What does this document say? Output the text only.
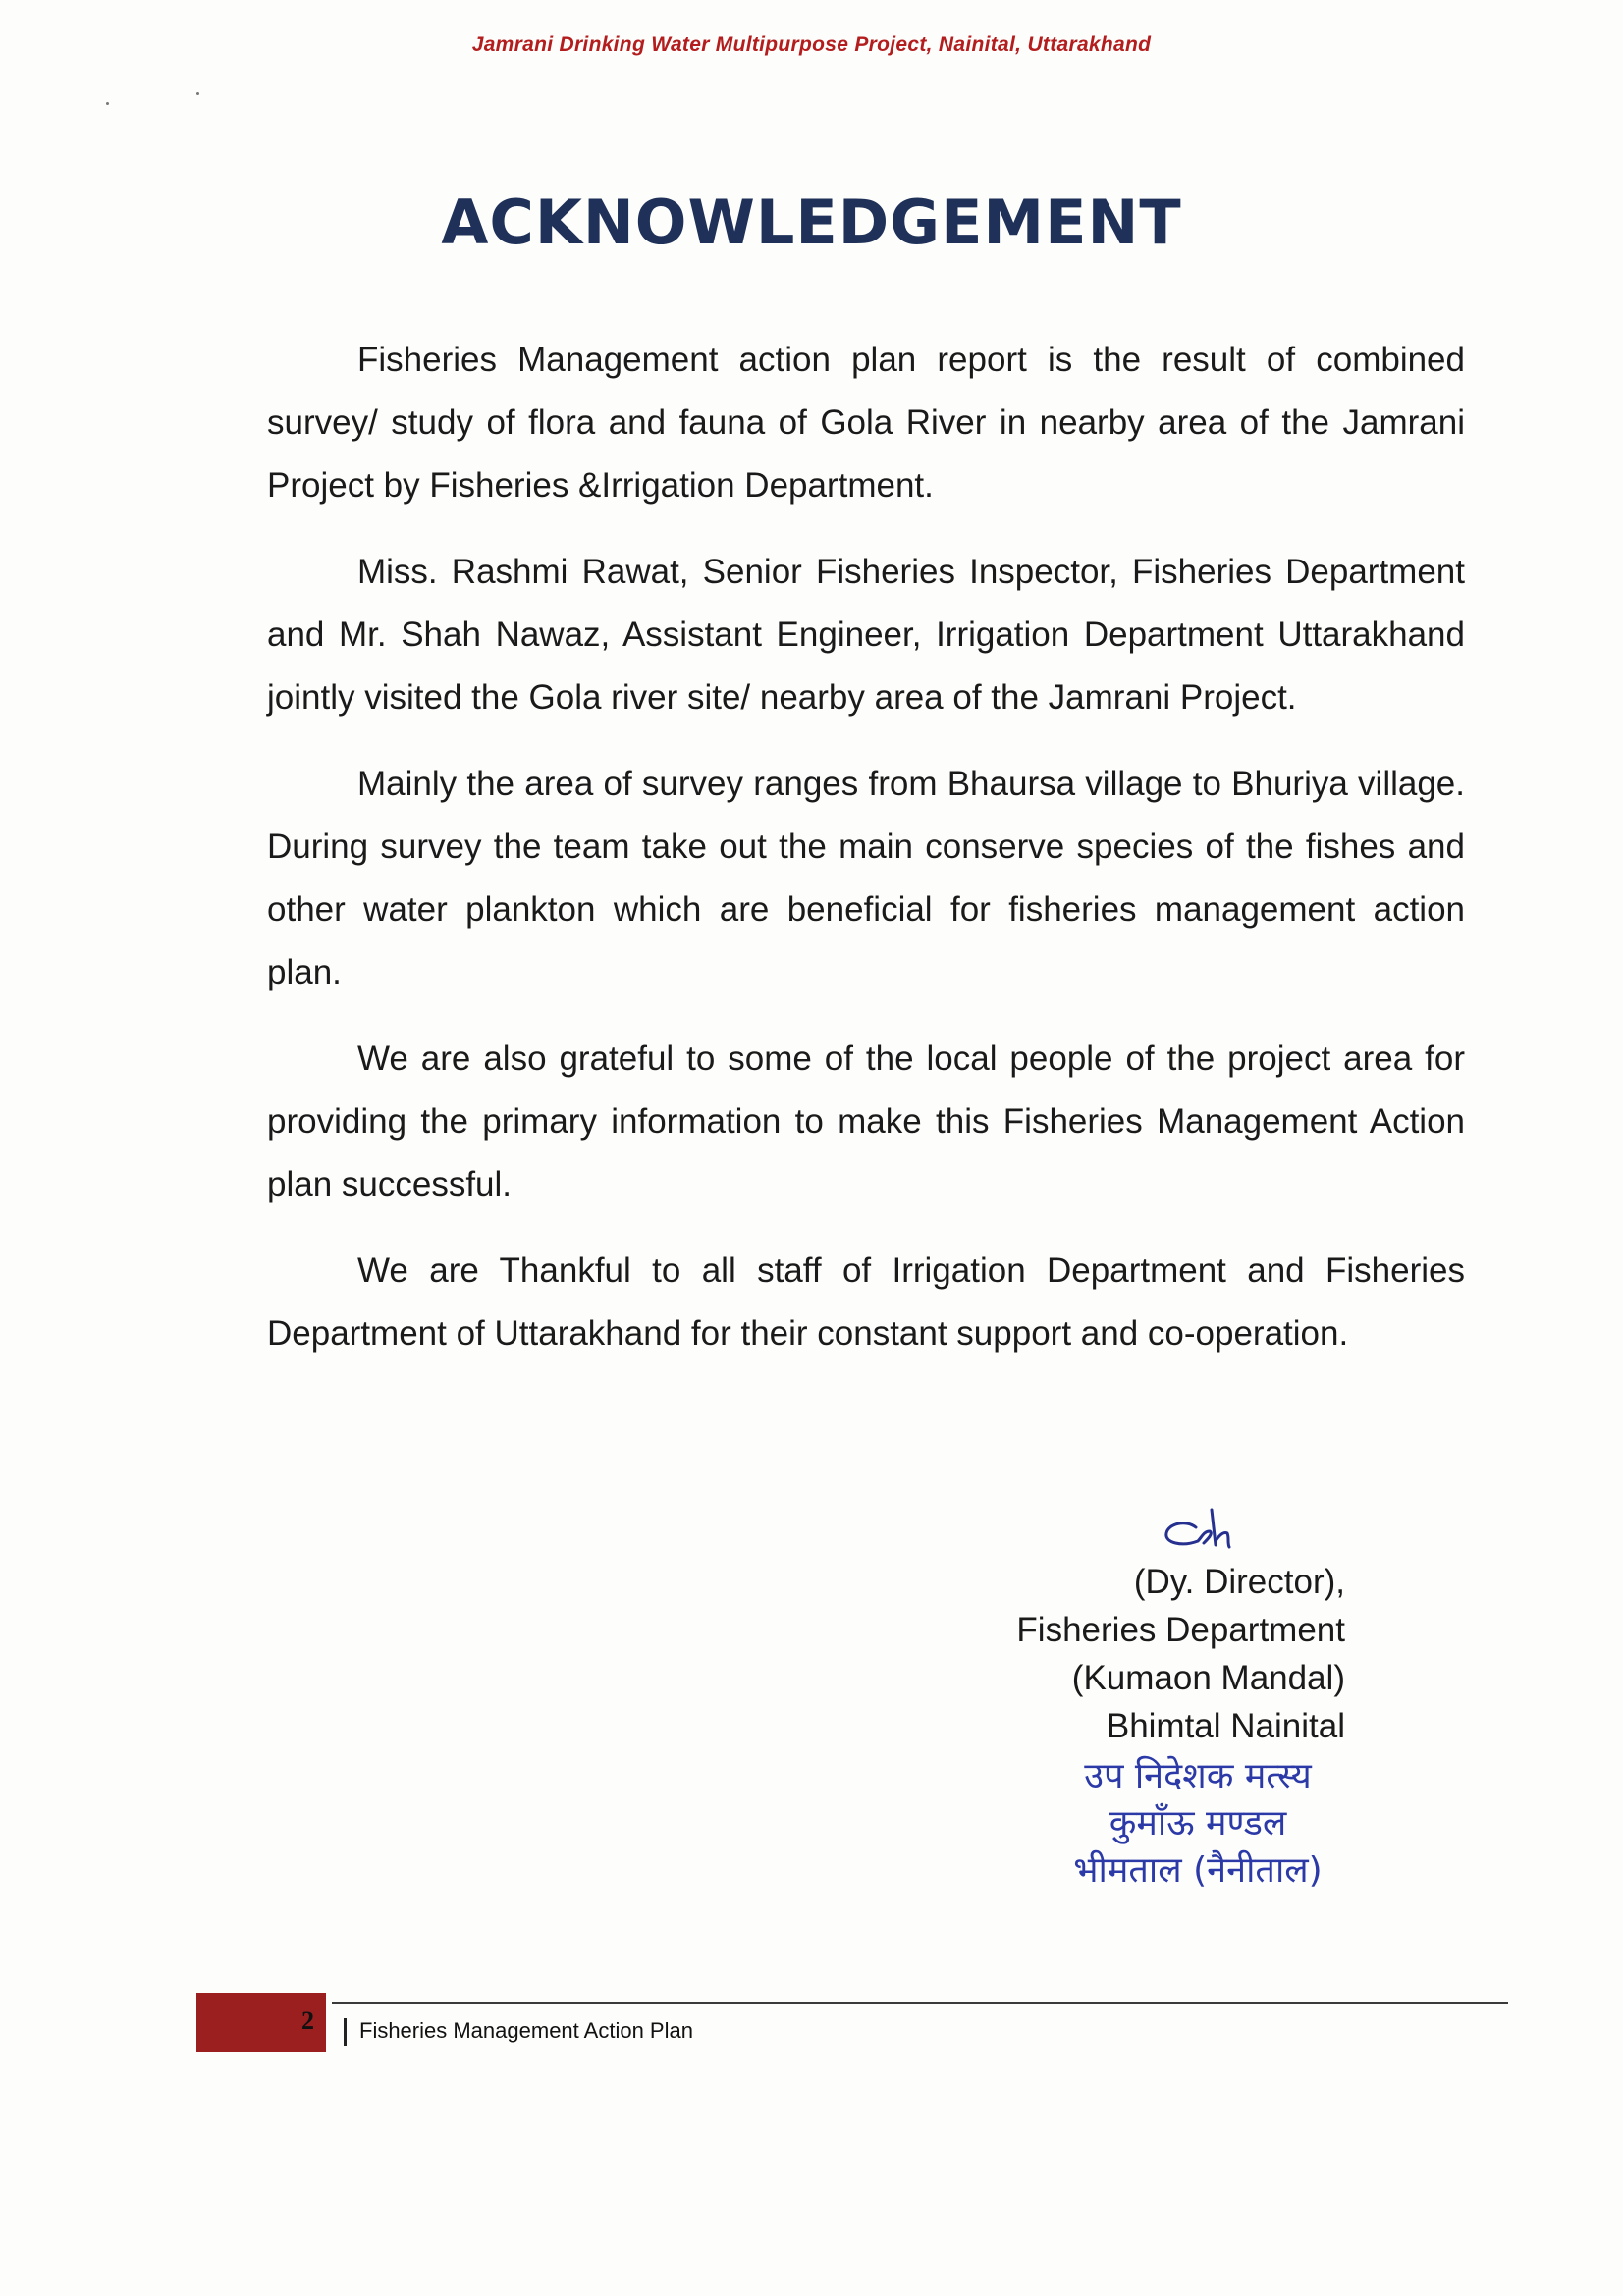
Jamrani Drinking Water Multipurpose Project, Nainital, Uttarakhand
ACKNOWLEDGEMENT

Fisheries Management action plan report is the result of combined survey/ study of flora and fauna of Gola River in nearby area of the Jamrani Project by Fisheries &Irrigation Department.

Miss. Rashmi Rawat, Senior Fisheries Inspector, Fisheries Department and Mr. Shah Nawaz, Assistant Engineer, Irrigation Department Uttarakhand jointly visited the Gola river site/ nearby area of the Jamrani Project.

Mainly the area of survey ranges from Bhaursa village to Bhuriya village. During survey the team take out the main conserve species of the fishes and other water plankton which are beneficial for fisheries management action plan.

We are also grateful to some of the local people of the project area for providing the primary information to make this Fisheries Management Action plan successful.

We are Thankful to all staff of Irrigation Department and Fisheries Department of Uttarakhand for their constant support and co-operation.

(Dy. Director),
Fisheries Department
(Kumaon Mandal)
Bhimtal Nainital
उप निदेशक मत्स्य
कुमाँऊ मण्डल
भीमताल (नैनीताल)
2 Fisheries Management Action Plan
